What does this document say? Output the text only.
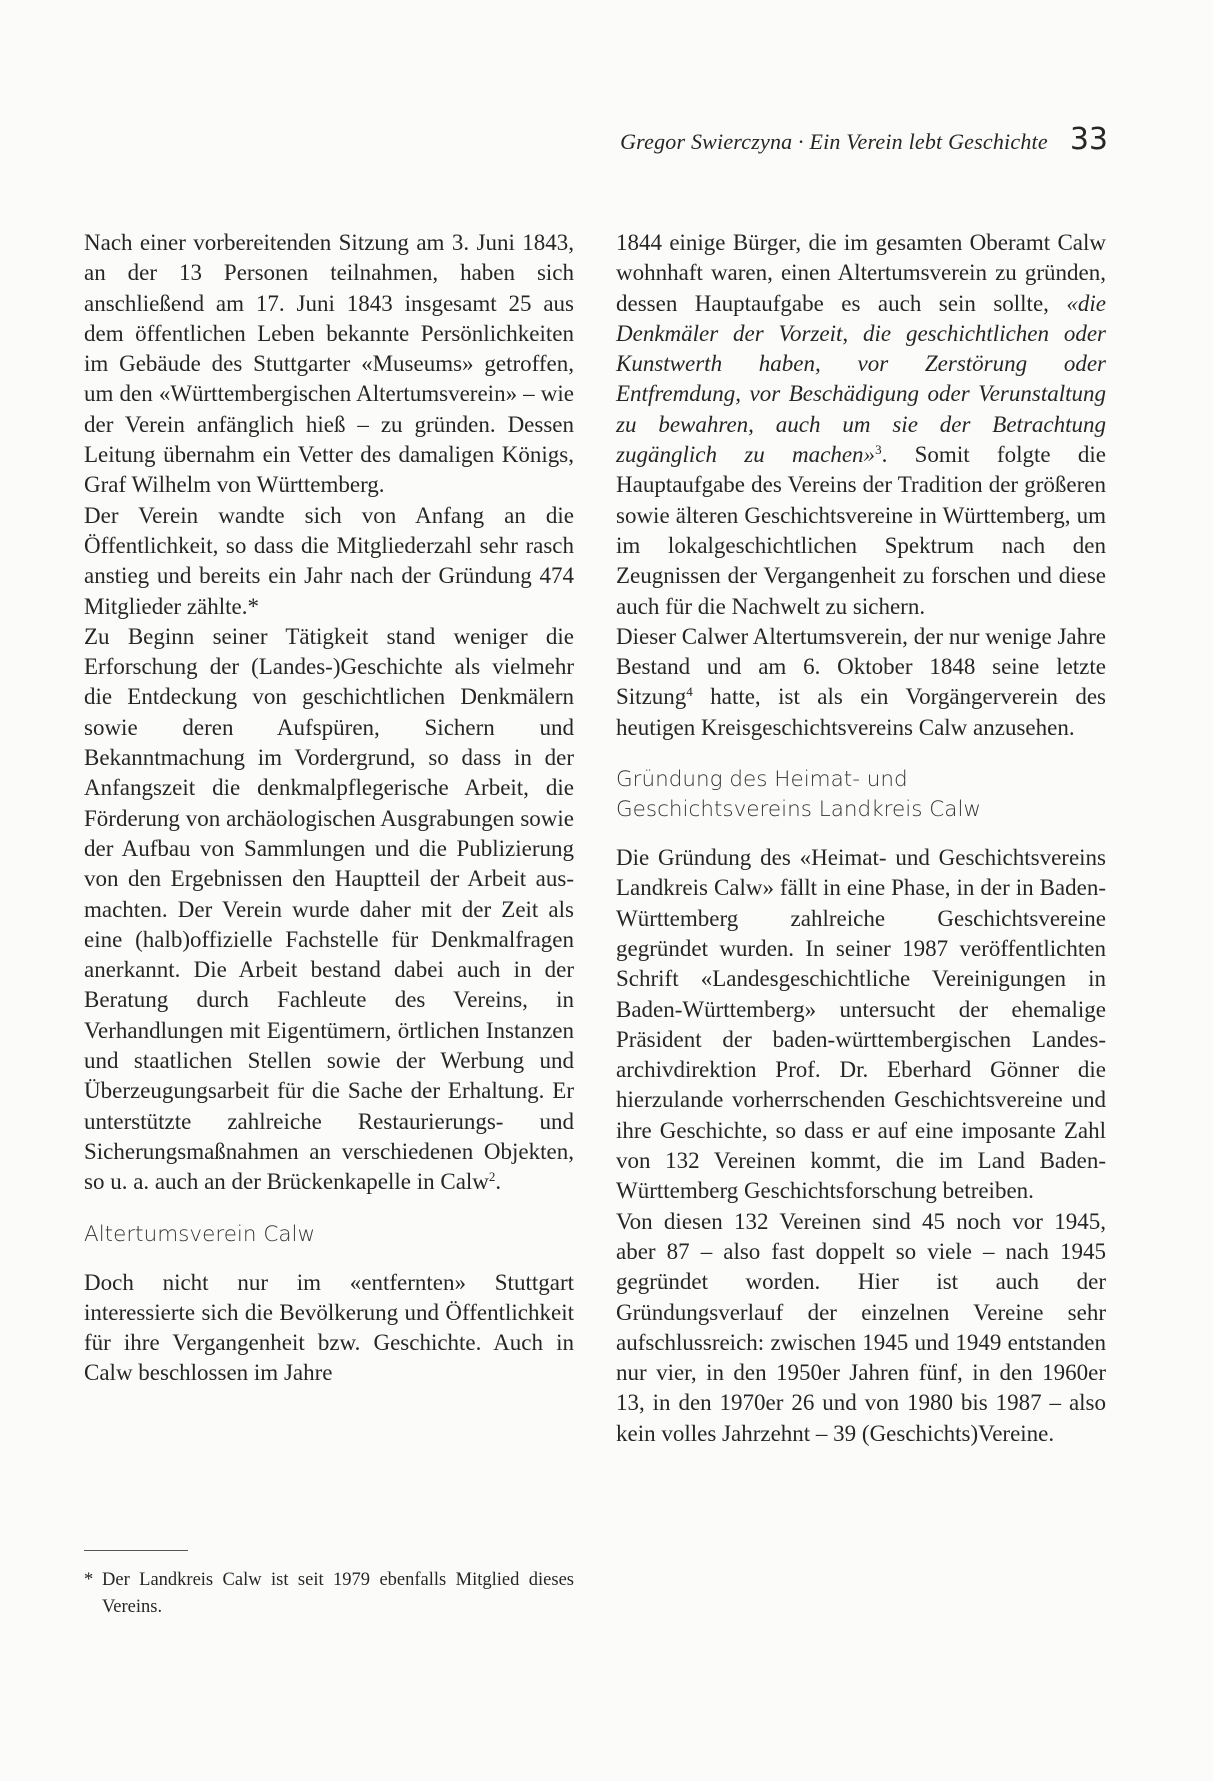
Gregor Swierczyna · Ein Verein lebt Geschichte 33

Nach einer vorbereitenden Sitzung am 3. Juni 1843, an der 13 Personen teilnahmen, haben sich anschließend am 17. Juni 1843 insgesamt 25 aus dem öffentlichen Leben bekannte Persönlichkeiten im Gebäude des Stuttgarter «Museums» getroffen, um den «Württembergischen Altertumsverein» – wie der Verein anfänglich hieß – zu gründen. Dessen Leitung übernahm ein Vetter des damaligen Königs, Graf Wilhelm von Württemberg.

Der Verein wandte sich von Anfang an die Öffentlichkeit, so dass die Mitgliederzahl sehr rasch anstieg und bereits ein Jahr nach der Gründung 474 Mitglieder zählte.*

Zu Beginn seiner Tätigkeit stand weniger die Erforschung der (Landes-)Geschichte als vielmehr die Entdeckung von geschichtlichen Denkmälern sowie deren Aufspüren, Sichern und Bekanntmachung im Vordergrund, so dass in der Anfangszeit die denkmalpflegerische Arbeit, die Förderung von archäologischen Ausgrabungen sowie der Aufbau von Sammlungen und die Publizierung von den Ergebnissen den Hauptteil der Arbeit ausmachten. Der Verein wurde daher mit der Zeit als eine (halb)offizielle Fachstelle für Denkmalfragen anerkannt. Die Arbeit bestand dabei auch in der Beratung durch Fachleute des Vereins, in Verhandlungen mit Eigentümern, örtlichen Instanzen und staatlichen Stellen sowie der Werbung und Überzeugungsarbeit für die Sache der Erhaltung. Er unterstützte zahlreiche Restaurierungs- und Sicherungsmaßnahmen an verschiedenen Objekten, so u. a. auch an der Brückenkapelle in Calw$^2$.

Altertumsverein Calw

Doch nicht nur im «entfernten» Stuttgart interessierte sich die Bevölkerung und Öffentlichkeit für ihre Vergangenheit bzw. Geschichte. Auch in Calw beschlossen im Jahre

1844 einige Bürger, die im gesamten Oberamt Calw wohnhaft waren, einen Altertumsverein zu gründen, dessen Hauptaufgabe es auch sein sollte, «die Denkmäler der Vorzeit, die geschichtlichen oder Kunstwerth haben, vor Zerstörung oder Entfremdung, vor Beschädigung oder Verunstaltung zu bewahren, auch um sie der Betrachtung zugänglich zu machen»$^3$. Somit folgte die Hauptaufgabe des Vereins der Tradition der größeren sowie älteren Geschichtsvereine in Württemberg, um im lokalgeschichtlichen Spektrum nach den Zeugnissen der Vergangenheit zu forschen und diese auch für die Nachwelt zu sichern.

Dieser Calwer Altertumsverein, der nur wenige Jahre Bestand und am 6. Oktober 1848 seine letzte Sitzung$^4$ hatte, ist als ein Vorgängerverein des heutigen Kreisgeschichtsvereins Calw anzusehen.

Gründung des Heimat- und Geschichtsvereins Landkreis Calw

Die Gründung des «Heimat- und Geschichtsvereins Landkreis Calw» fällt in eine Phase, in der in Baden-Württemberg zahlreiche Geschichtsvereine gegründet wurden. In seiner 1987 veröffentlichten Schrift «Landesgeschichtliche Vereinigungen in Baden-Württemberg» untersucht der ehemalige Präsident der baden-württembergischen Landesarchivdirektion Prof. Dr. Eberhard Gönner die hierzulande vorherrschenden Geschichtsvereine und ihre Geschichte, so dass er auf eine imposante Zahl von 132 Vereinen kommt, die im Land Baden-Württemberg Geschichtsforschung betreiben.

Von diesen 132 Vereinen sind 45 noch vor 1945, aber 87 – also fast doppelt so viele – nach 1945 gegründet worden. Hier ist auch der Gründungsverlauf der einzelnen Vereine sehr aufschlussreich: zwischen 1945 und 1949 entstanden nur vier, in den 1950er Jahren fünf, in den 1960er 13, in den 1970er 26 und von 1980 bis 1987 – also kein volles Jahrzehnt – 39 (Geschichts)Vereine.

* Der Landkreis Calw ist seit 1979 ebenfalls Mitglied dieses Vereins.
